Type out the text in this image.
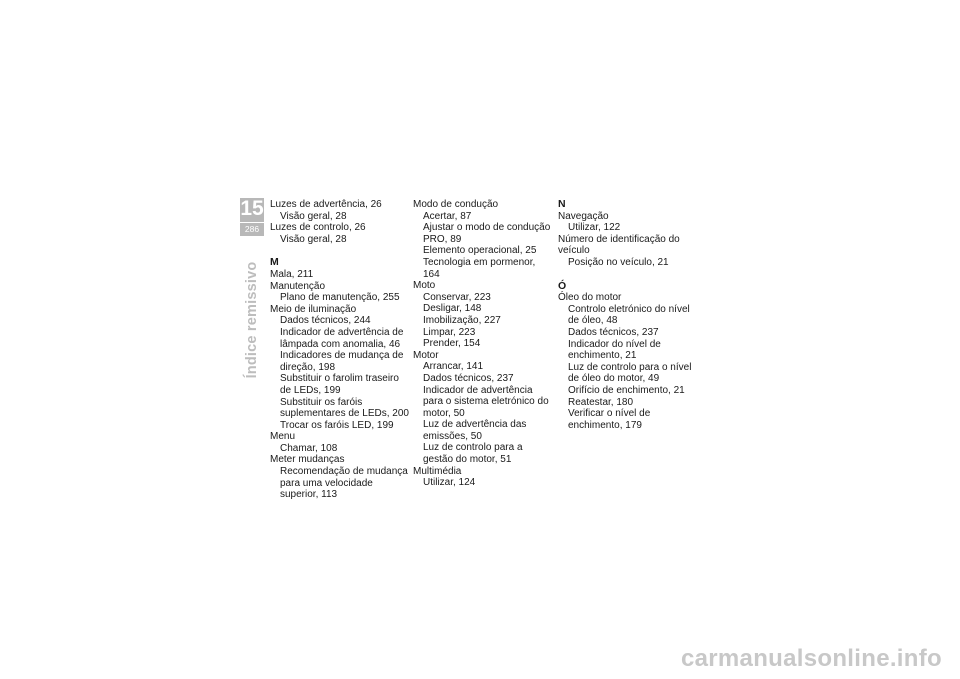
15
286
Índice remissivo
Luzes de advertência, 26
Visão geral, 28
Luzes de controlo, 26
Visão geral, 28
M
Mala, 211
Manutenção
Plano de manutenção, 255
Meio de iluminação
Dados técnicos, 244
Indicador de advertência de lâmpada com anomalia, 46
Indicadores de mudança de direção, 198
Substituir o farolim traseiro de LEDs, 199
Substituir os faróis suplementares de LEDs, 200
Trocar os faróis LED, 199
Menu
Chamar, 108
Meter mudanças
Recomendação de mudança para uma velocidade superior, 113
Modo de condução
Acertar, 87
Ajustar o modo de condução PRO, 89
Elemento operacional, 25
Tecnologia em pormenor, 164
Moto
Conservar, 223
Desligar, 148
Imobilização, 227
Limpar, 223
Prender, 154
Motor
Arrancar, 141
Dados técnicos, 237
Indicador de advertência para o sistema eletrónico do motor, 50
Luz de advertência das emissões, 50
Luz de controlo para a gestão do motor, 51
Multimédia
Utilizar, 124
N
Navegação
Utilizar, 122
Número de identificação do veículo
Posição no veículo, 21
Ó
Óleo do motor
Controlo eletrónico do nível de óleo, 48
Dados técnicos, 237
Indicador do nível de enchimento, 21
Luz de controlo para o nível de óleo do motor, 49
Orifício de enchimento, 21
Reatestar, 180
Verificar o nível de enchimento, 179
carmanualsonline.info
